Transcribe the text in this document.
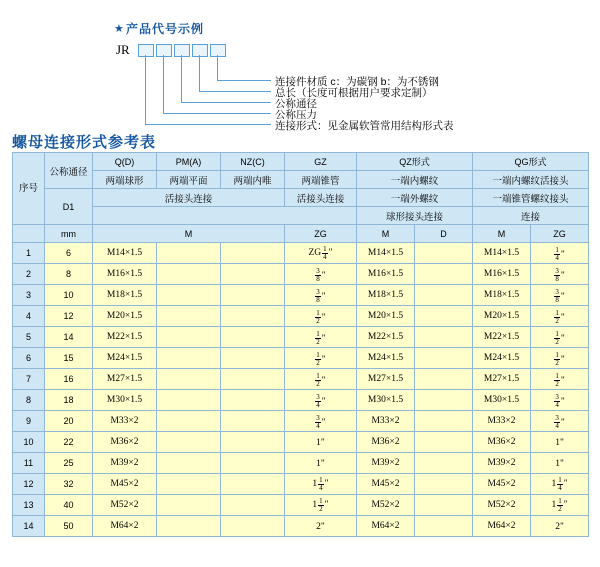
★ 产品代号示例
JR
连接件材质 c：为碳钢 b：为不锈钢
总长（长度可根据用户要求定制）
公称通径
公称压力
连接形式：见金属软管常用结构形式表
螺母连接形式参考表
序号	公称通径	Q(D)	PM(A)	NZ(C)	GZ	QZ形式		QG形式	
		两端球形	两端平面	两端内唯	两端锥管	一端内螺纹		一端内螺纹活接头	
	D1	活接头连接			活接头连接	一端外螺纹		一端锥管螺纹接头	
						球形接头连接		连接	
	mm	M			ZG	M	D	M	ZG
1	6	M14×1.5			ZG $\frac{1}{4}$ "	M14×1.5		M14×1.5	$\frac{1}{4}$ "

2	8	M16×1.5			$\frac{3}{8}$ "	M16×1.5		M16×1.5	$\frac{3}{8}$ "

3	10	M18×1.5			$\frac{3}{8}$ "	M18×1.5		M18×1.5	$\frac{3}{8}$ "

4	12	M20×1.5			$\frac{1}{2}$ "	M20×1.5		M20×1.5	$\frac{1}{2}$ "

5	14	M22×1.5			$\frac{1}{2}$ "	M22×1.5		M22×1.5	$\frac{1}{2}$ "

6	15	M24×1.5			$\frac{1}{2}$ "	M24×1.5		M24×1.5	$\frac{1}{2}$ "

7	16	M27×1.5			$\frac{1}{2}$ "	M27×1.5		M27×1.5	$\frac{1}{2}$ "

8	18	M30×1.5			$\frac{3}{4}$ "	M30×1.5		M30×1.5	$\frac{3}{4}$ "

9	20	M33×2			$\frac{3}{4}$ "	M33×2		M33×2	$\frac{3}{4}$ "

10	22	M36×2			1"	M36×2		M36×2	1"

11	25	M39×2			1"	M39×2		M39×2	1"

12	32	M45×2			$1 \frac{1}{4}$ "	M45×2		M45×2	$1 \frac{1}{4}$ "

13	40	M52×2			$1 \frac{1}{2}$ "	M52×2		M52×2	$1 \frac{1}{2}$ "

14	50	M64×2			2"	M64×2		M64×2	2"
